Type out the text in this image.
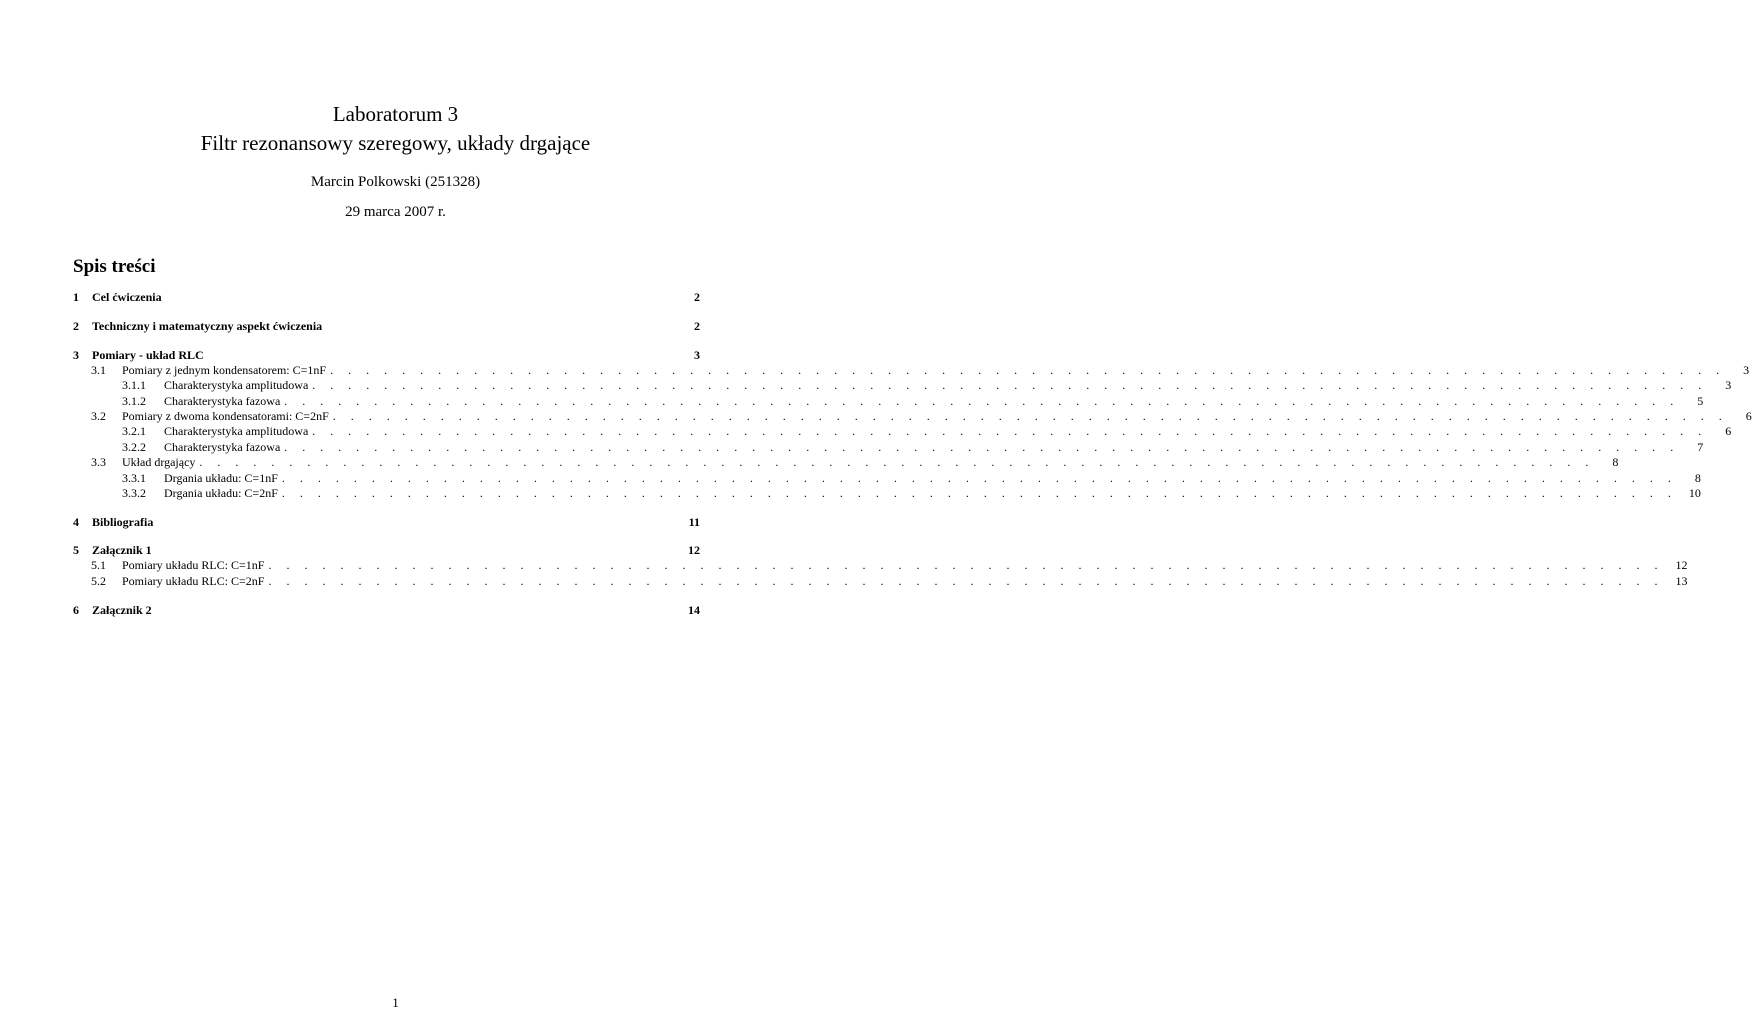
Laboratorum 3
Filtr rezonansowy szeregowy, układy drgające
Marcin Polkowski (251328)
29 marca 2007 r.
Spis treści
1 Cel ćwiczenia	2
2 Techniczny i matematyczny aspekt ćwiczenia	2
3 Pomiary - układ RLC	3
3.1	Pomiary z jednym kondensatorem: C=1nF . . . . . . . . . . . . . . . . . . . . . . . . . . . . . . . . . . . . . . . . . . . . . . . . . . . . . . . . . . . . . . . . . . . . . . . . . . . . . .	3
3.1.1	Charakterystyka amplitudowa . . . . . . . . . . . . . . . . . . . . . . . . . . . . . . . . . . . . . . . . . . . . . . . . . . . . . . . . . . . . . . . . . . . . . . . . . . . . . .	3
3.1.2	Charakterystyka fazowa . . . . . . . . . . . . . . . . . . . . . . . . . . . . . . . . . . . . . . . . . . . . . . . . . . . . . . . . . . . . . . . . . . . . . . . . . . . . . .	5
3.2	Pomiary z dwoma kondensatorami: C=2nF . . . . . . . . . . . . . . . . . . . . . . . . . . . . . . . . . . . . . . . . . . . . . . . . . . . . . . . . . . . . . . . . . . . . . . . . . . . . . .	6
3.2.1	Charakterystyka amplitudowa . . . . . . . . . . . . . . . . . . . . . . . . . . . . . . . . . . . . . . . . . . . . . . . . . . . . . . . . . . . . . . . . . . . . . . . . . . . . . .	6
3.2.2	Charakterystyka fazowa . . . . . . . . . . . . . . . . . . . . . . . . . . . . . . . . . . . . . . . . . . . . . . . . . . . . . . . . . . . . . . . . . . . . . . . . . . . . . .	7
3.3	Układ drgający . . . . . . . . . . . . . . . . . . . . . . . . . . . . . . . . . . . . . . . . . . . . . . . . . . . . . . . . . . . . . . . . . . . . . . . . . . . . . .	8
3.3.1	Drgania układu: C=1nF . . . . . . . . . . . . . . . . . . . . . . . . . . . . . . . . . . . . . . . . . . . . . . . . . . . . . . . . . . . . . . . . . . . . . . . . . . . . . .	8
3.3.2	Drgania układu: C=2nF . . . . . . . . . . . . . . . . . . . . . . . . . . . . . . . . . . . . . . . . . . . . . . . . . . . . . . . . . . . . . . . . . . . . . . . . . . . . . .	10
4 Bibliografia	11
5 Załącznik 1	12
5.1	Pomiary układu RLC: C=1nF . . . . . . . . . . . . . . . . . . . . . . . . . . . . . . . . . . . . . . . . . . . . . . . . . . . . . . . . . . . . . . . . . . . . . . . . . . . . . .	12
5.2	Pomiary układu RLC: C=2nF . . . . . . . . . . . . . . . . . . . . . . . . . . . . . . . . . . . . . . . . . . . . . . . . . . . . . . . . . . . . . . . . . . . . . . . . . . . . . .	13
6 Załącznik 2	14
1
